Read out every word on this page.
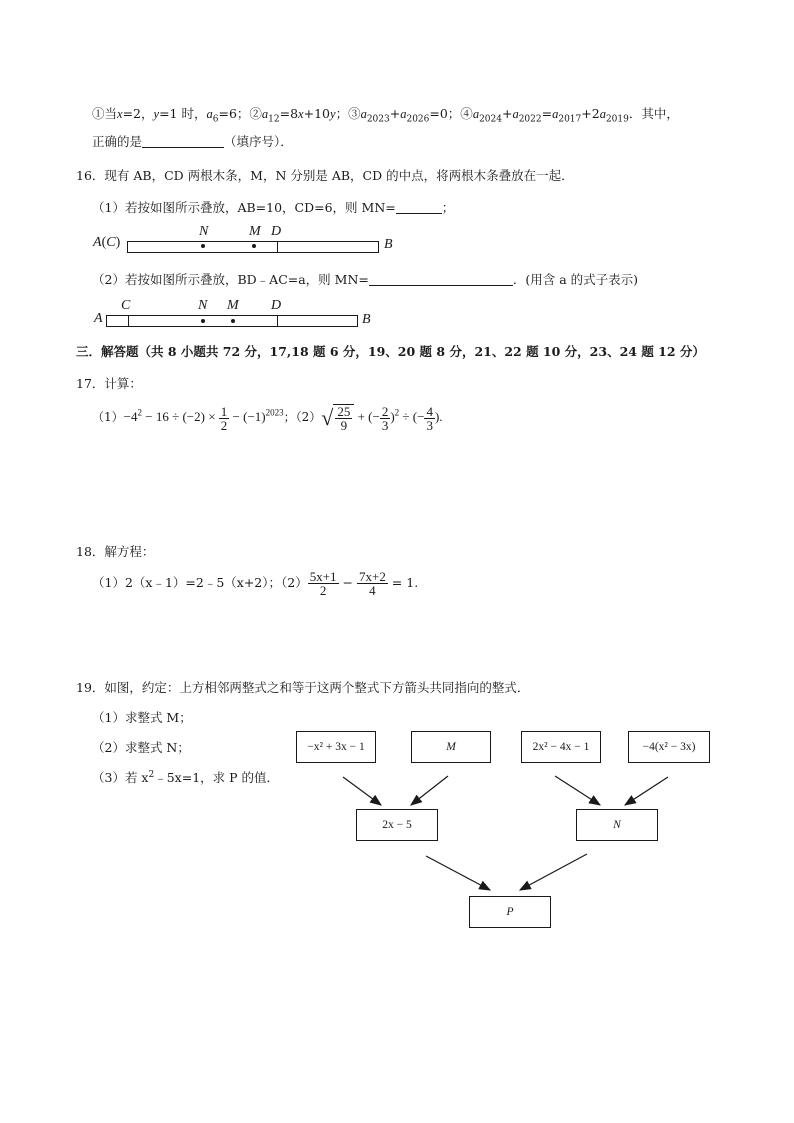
①当x=2，y=1 时，$a_6=6$；$②a_{12}=8x+10y$；$③a_{2023}+a_{2026}=0$；$④a_{2024}+a_{2022}=a_{2017}+2a_{2019}$．其中，
正确的是	（填序号）．
16．现有 AB，CD 两根木条，M，N 分别是 AB，CD 的中点，将两根木条叠放在一起．
（1）若按如图所示叠放，AB=10，CD=6，则 MN=	；
A(C)
N	M D
B
（2）若按如图所示叠放，BD﹣AC=a，则 MN=	．(用含 a 的式子表示)
A
C	N M D
B
三．解答题（共 8 小题共 72 分，17,18 题 6 分，19、20 题 8 分，21、22 题 10 分，23、24 题 12 分）
17．计算：
$(1)-4^2 - 16 \div (-2) \times \frac{1}{2} - (-1)^{2023}$；$(2)√ \frac{25}{9}$ + (− $\frac{2}{3} )^2$ ÷ (− $\frac{4}{3}$ ).
18．解方程：
（1）2（x﹣1）=2﹣5（x+2）；$(2) \frac{5x+1}{2} - \frac{7x+2}{4} = 1$.
19．如图，约定：上方相邻两整式之和等于这两个整式下方箭头共同指向的整式．
（1）求整式 M；
（2）求整式 N；
（3）若 $x^2﹣5x=1$，求 P 的值．
−x² + 3x − 1	M	2x² − 4x − 1	−4(x² − 3x)
2x − 5	N
P
